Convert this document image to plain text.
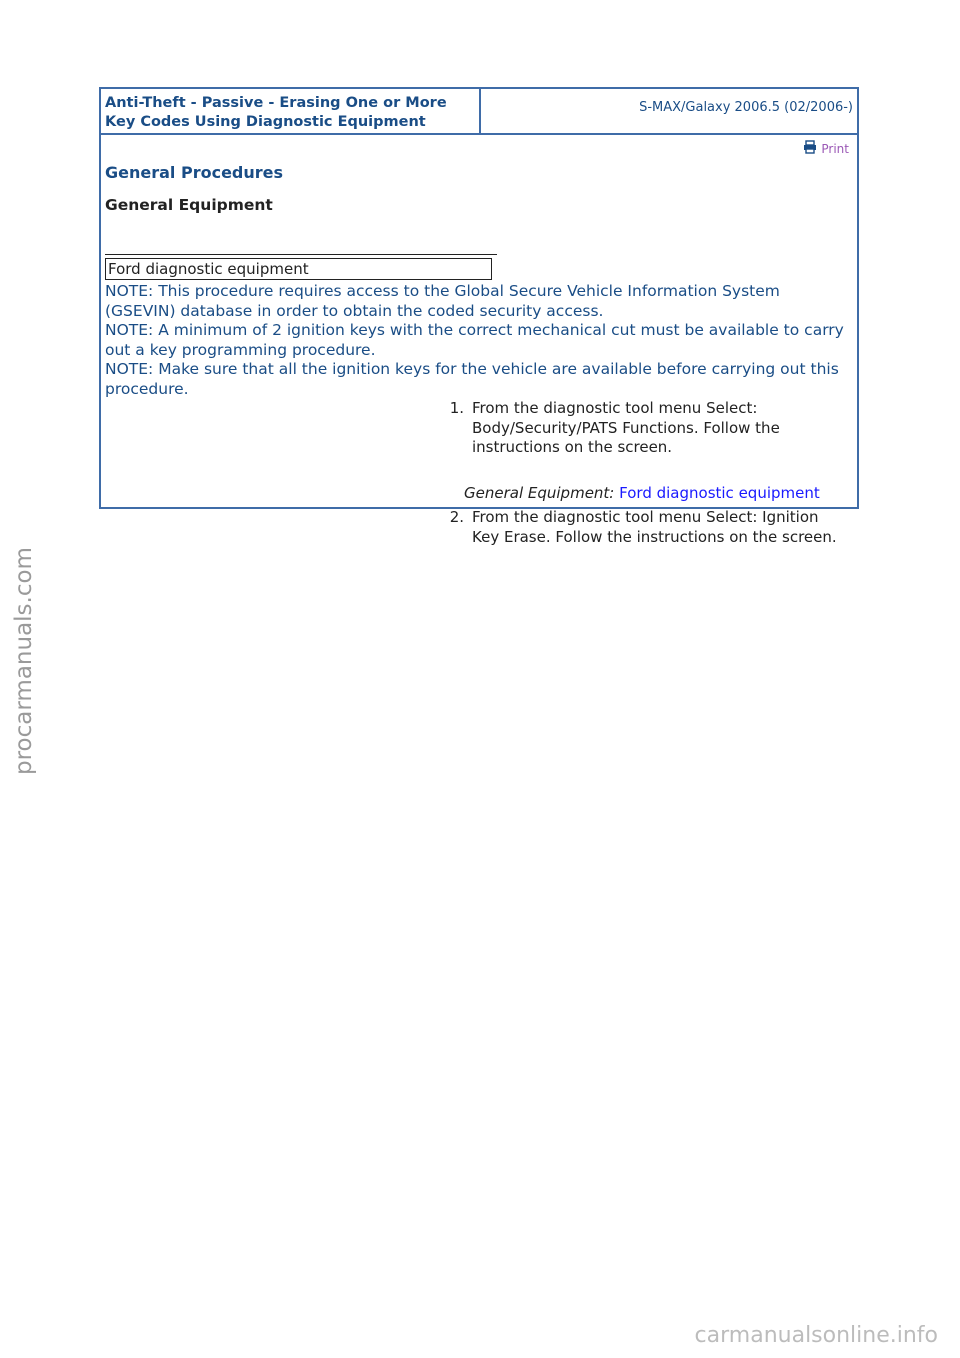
Anti-Theft - Passive - Erasing One or More
Key Codes Using Diagnostic Equipment
S-MAX/Galaxy 2006.5 (02/2006-)
Print
General Procedures
General Equipment
Ford diagnostic equipment
NOTE: This procedure requires access to the Global Secure Vehicle Information System (GSEVIN) database in order to obtain the coded security access.
NOTE: A minimum of 2 ignition keys with the correct mechanical cut must be available to carry out a key programming procedure.
NOTE: Make sure that all the ignition keys for the vehicle are available before carrying out this procedure.
1. From the diagnostic tool menu Select: Body/Security/PATS Functions. Follow the instructions on the screen.
General Equipment: Ford diagnostic equipment
2. From the diagnostic tool menu Select: Ignition Key Erase. Follow the instructions on the screen.
procarmanuals.com
carmanualsonline.info
